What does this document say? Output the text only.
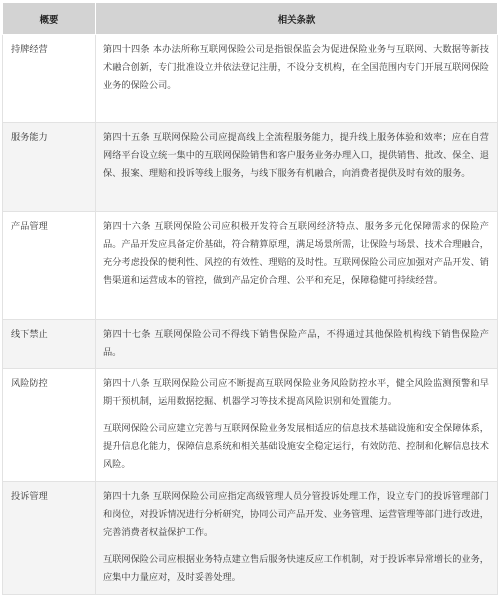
概要	相关条款
持牌经营	第四十四条 本办法所称互联网保险公司是指银保监会为促进保险业务与互联网、大数据等新技术融合创新，专门批准设立并依法登记注册，不设分支机构，在全国范围内专门开展互联网保险业务的保险公司。

服务能力	第四十五条 互联网保险公司应提高线上全流程服务能力，提升线上服务体验和效率；应在自营网络平台设立统一集中的互联网保险销售和客户服务业务办理入口，提供销售、批改、保全、退保、报案、理赔和投诉等线上服务，与线下服务有机融合，向消费者提供及时有效的服务。

产品管理	第四十六条 互联网保险公司应积极开发符合互联网经济特点、服务多元化保障需求的保险产品。产品开发应具备定价基础，符合精算原理，满足场景所需，让保险与场景、技术合理融合，充分考虑投保的便利性、风控的有效性、理赔的及时性。互联网保险公司应加强对产品开发、销售渠道和运营成本的管控，做到产品定价合理、公平和充足，保障稳健可持续经营。

线下禁止	第四十七条 互联网保险公司不得线下销售保险产品，不得通过其他保险机构线下销售保险产品。

风险防控	第四十八条 互联网保险公司应不断提高互联网保险业务风险防控水平，健全风险监测预警和早期干预机制，运用数据挖掘、机器学习等技术提高风险识别和处置能力。

互联网保险公司应建立完善与互联网保险业务发展相适应的信息技术基础设施和安全保障体系，提升信息化能力，保障信息系统和相关基础设施安全稳定运行，有效防范、控制和化解信息技术风险。

投诉管理	第四十九条 互联网保险公司应指定高级管理人员分管投诉处理工作，设立专门的投诉管理部门和岗位，对投诉情况进行分析研究，协同公司产品开发、业务管理、运营管理等部门进行改进，完善消费者权益保护工作。

互联网保险公司应根据业务特点建立售后服务快速反应工作机制，对于投诉率异常增长的业务，应集中力量应对，及时妥善处理。
